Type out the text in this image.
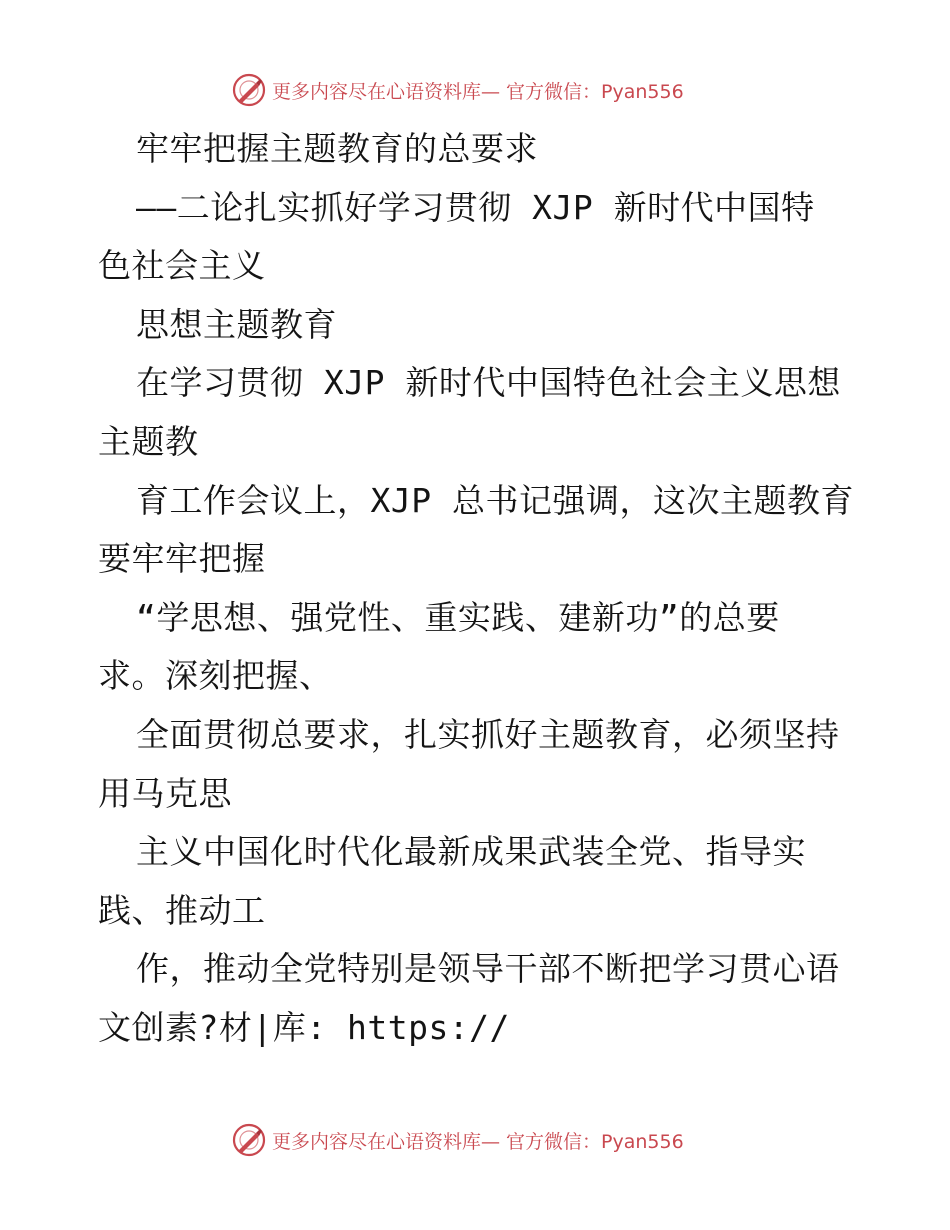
更多内容尽在心语资料库— 官方微信：Pyan556
牢牢把握主题教育的总要求
——二论扎实抓好学习贯彻 XJP 新时代中国特
色社会主义
思想主题教育
在学习贯彻 XJP 新时代中国特色社会主义思想
主题教
育工作会议上，XJP 总书记强调，这次主题教育
要牢牢把握
“学思想、强党性、重实践、建新功”的总要
求。深刻把握、
全面贯彻总要求，扎实抓好主题教育，必须坚持
用马克思
主义中国化时代化最新成果武装全党、指导实
践、推动工
作，推动全党特别是领导干部不断把学习贯心语
文创素?材|库: https://
更多内容尽在心语资料库— 官方微信：Pyan556
